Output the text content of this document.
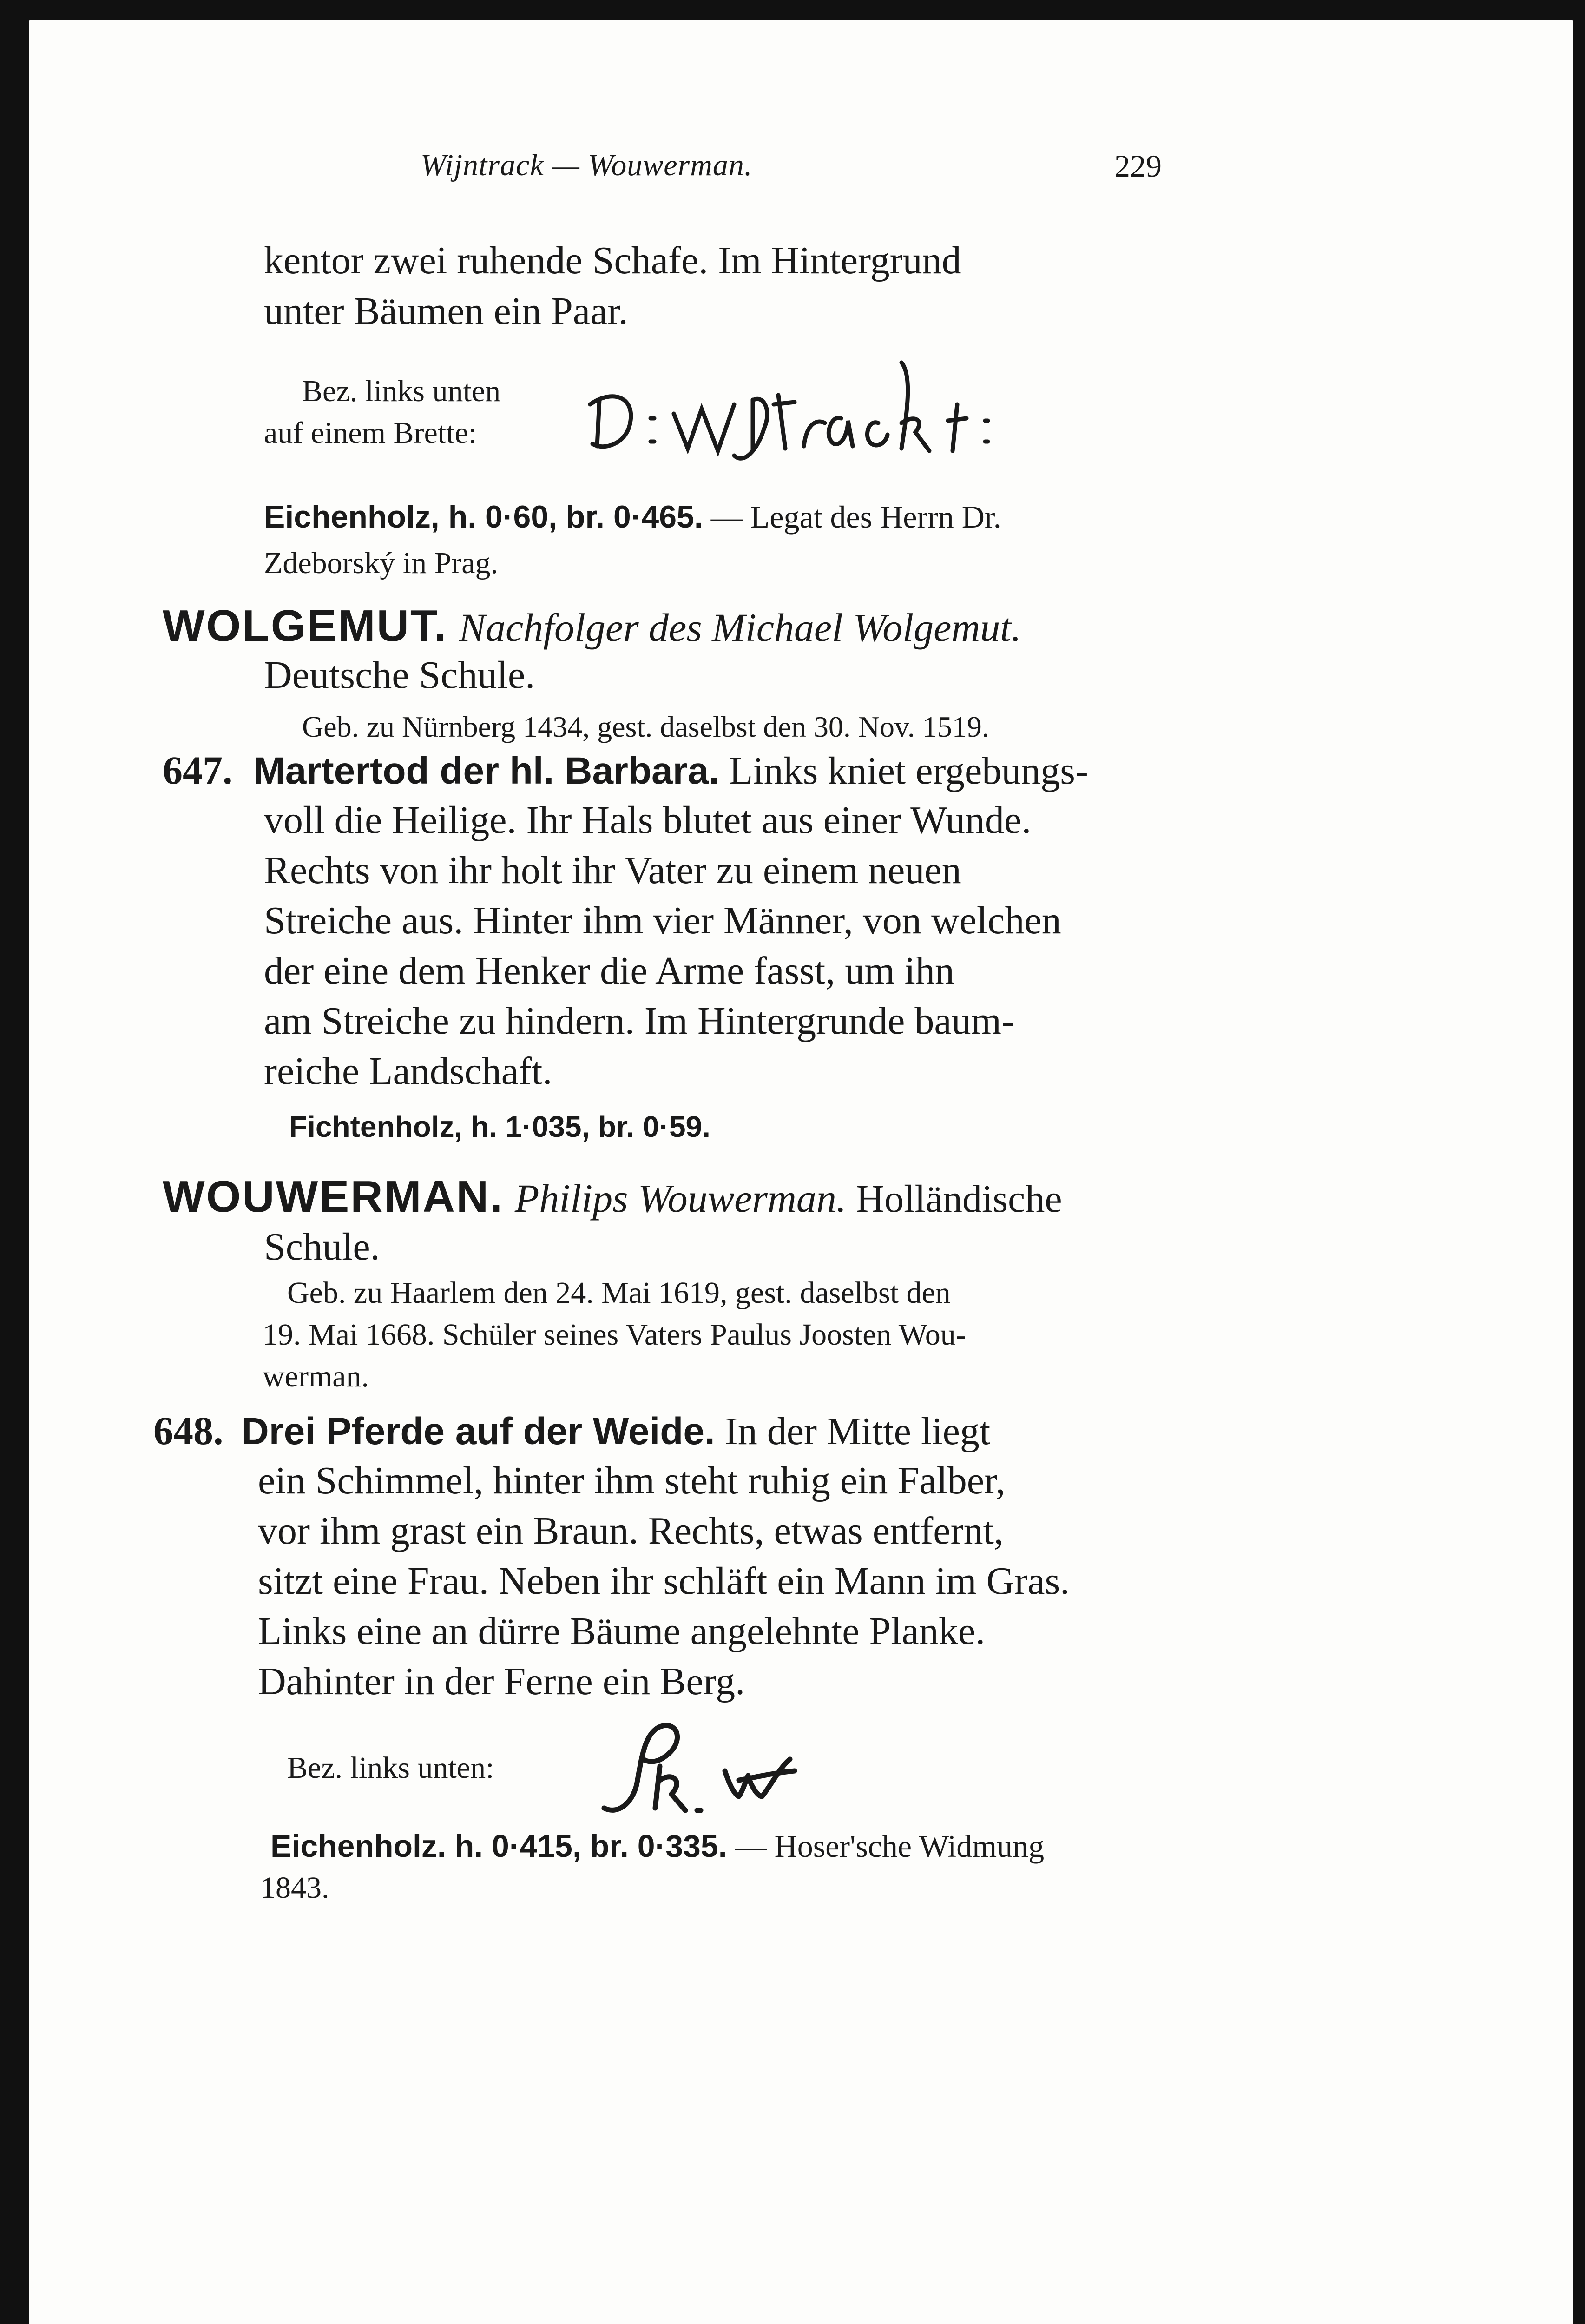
Wijntrack — Wouwerman.	229
kentor zwei ruhende Schafe. Im Hintergrund
unter Bäumen ein Paar.
Bez. links unten
auf einem Brette:
D:Wijntrack f:
Eichenholz, h. 0·60, br. 0·465. — Legat des Herrn Dr.
Zdeborský in Prag.
WOLGEMUT. Nachfolger des Michael Wolgemut.
Deutsche Schule.
Geb. zu Nürnberg 1434, gest. daselbst den 30. Nov. 1519.
647. Martertod der hl. Barbara. Links kniet ergebungs-
voll die Heilige. Ihr Hals blutet aus einer Wunde.
Rechts von ihr holt ihr Vater zu einem neuen
Streiche aus. Hinter ihm vier Männer, von welchen
der eine dem Henker die Arme fasst, um ihn
am Streiche zu hindern. Im Hintergrunde baum-
reiche Landschaft.
Fichtenholz, h. 1·035, br. 0·59.
WOUWERMAN. Philips Wouwerman. Holländische
Schule.
Geb. zu Haarlem den 24. Mai 1619, gest. daselbst den
19. Mai 1668. Schüler seines Vaters Paulus Joosten Wou-
werman.
648. Drei Pferde auf der Weide. In der Mitte liegt
ein Schimmel, hinter ihm steht ruhig ein Falber,
vor ihm grast ein Braun. Rechts, etwas entfernt,
sitzt eine Frau. Neben ihr schläft ein Mann im Gras.
Links eine an dürre Bäume angelehnte Planke.
Dahinter in der Ferne ein Berg.
Bez. links unten:
Eichenholz. h. 0·415, br. 0·335. — Hoser'sche Widmung
1843.
